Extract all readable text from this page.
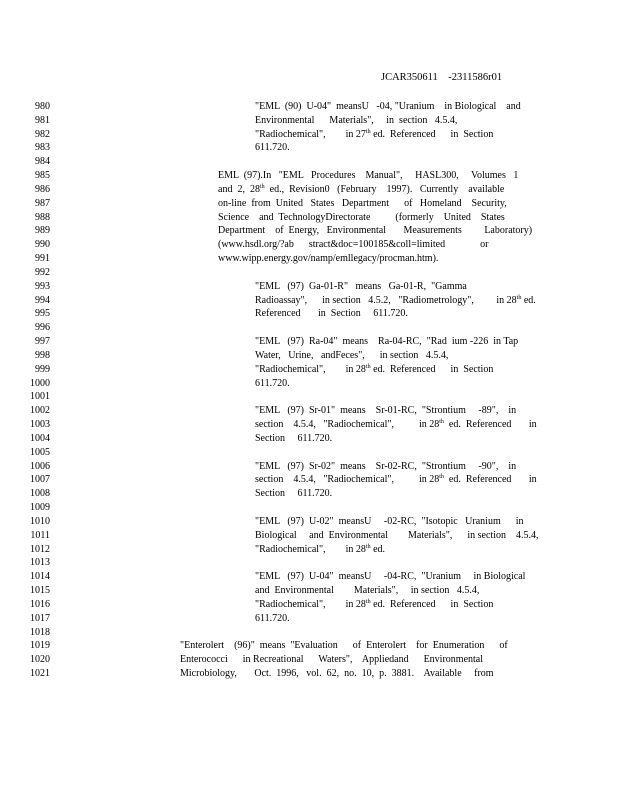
JCAR350611    -2311586r01
980	"EML  (90)  U-04"  meansU   -04, "Uranium    in Biological    and
981	Environmental      Materials",     in  section   4.5.4,
982	"Radiochemical",        in 27th ed.  Referenced      in  Section
983	611.720.
984
985	EML  (97).In   "EML   Procedures    Manual",     HASL300,     Volumes   1
986	and  2,  28th  ed.,  Revision0   (February    1997).   Currently    available
987	on-line  from  United   States   Department      of   Homeland    Security,
988	Science    and  TechnologyDirectorate          (formerly    United    States
989	Department    of  Energy,   Environmental       Measurements         Laboratory)
990	(www.hsdl.org/?ab      stract&doc=100185&coll=limited              or
991	www.wipp.energy.gov/namp/emllegacy/procman.htm).
992
993	"EML   (97)  Ga-01-R"   means   Ga-01-R,  "Gamma
994	Radioassay",      in section   4.5.2,   "Radiometrology",         in 28th ed.
995	Referenced       in  Section     611.720.
996
997	"EML   (97)  Ra-04"  means    Ra-04-RC,  "Rad  ium -226  in Tap
998	Water,   Urine,   andFeces",      in section   4.5.4,
999	"Radiochemical",        in 28th ed.  Referenced      in  Section
1000	611.720.
1001
1002	"EML   (97)  Sr-01"  means    Sr-01-RC,  "Strontium     -89",    in
1003	section    4.5.4,   "Radiochemical",          in 28th  ed.  Referenced       in
1004	Section     611.720.
1005
1006	"EML   (97)  Sr-02"  means    Sr-02-RC,  "Strontium     -90",    in
1007	section    4.5.4,   "Radiochemical",          in 28th  ed.  Referenced       in
1008	Section     611.720.
1009
1010	"EML   (97)  U-02"  meansU     -02-RC,  "Isotopic   Uranium      in
1011	Biological     and  Environmental        Materials",      in section    4.5.4,
1012	"Radiochemical",        in 28th ed.
1013
1014	"EML   (97)  U-04"  meansU     -04-RC,  "Uranium     in Biological
1015	and  Environmental        Materials",     in section   4.5.4,
1016	"Radiochemical",        in 28th ed.  Referenced      in  Section
1017	611.720.
1018
1019	"Enterolert    (96)"  means  "Evaluation      of  Enterolert    for  Enumeration      of
1020	Enterococci      in Recreational      Waters",    Appliedand      Environmental
1021	Microbiology,       Oct.  1996,   vol.  62,  no.  10,  p.  3881.    Available     from
